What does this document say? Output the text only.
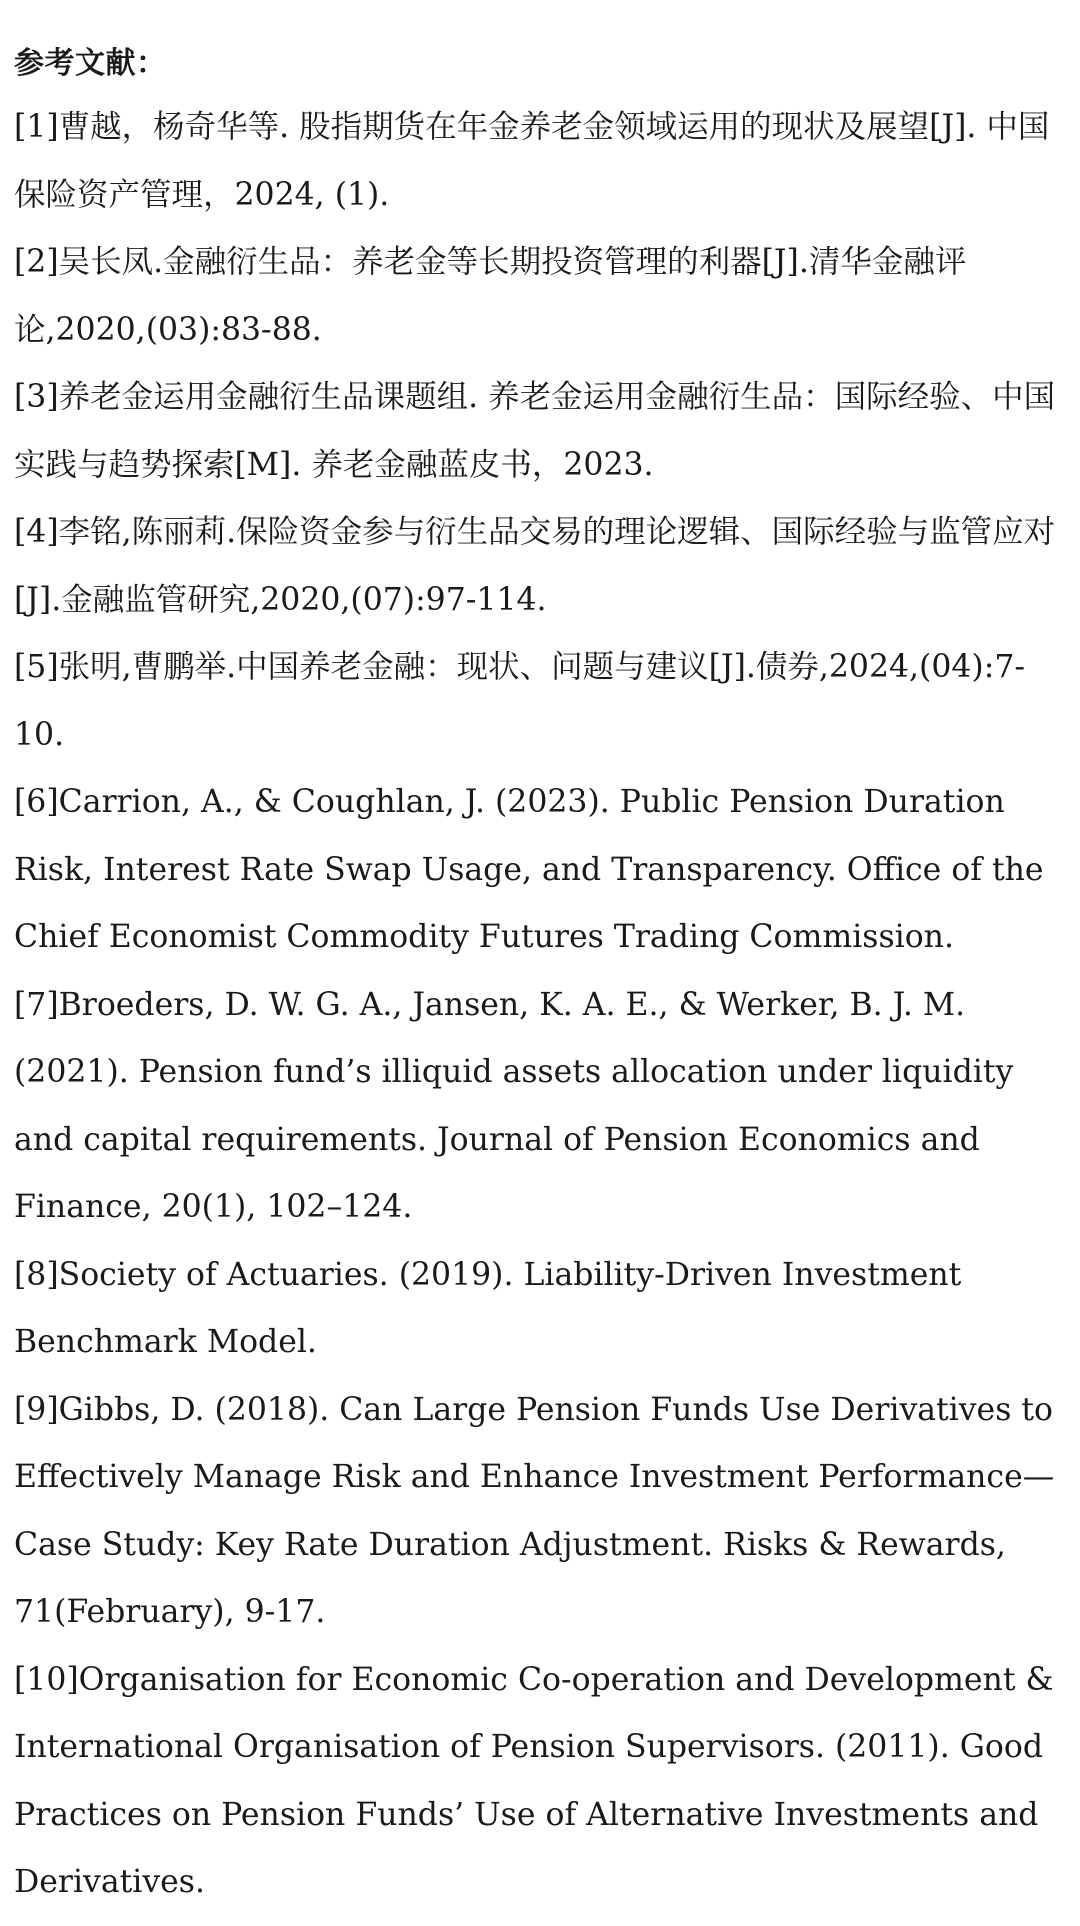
参考文献：
[1]曹越，杨奇华等. 股指期货在年金养老金领域运用的现状及展望[J]. 中国保险资产管理，2024, (1).
[2]吴长凤.金融衍生品：养老金等长期投资管理的利器[J].清华金融评论,2020,(03):83-88.
[3]养老金运用金融衍生品课题组. 养老金运用金融衍生品：国际经验、中国实践与趋势探索[M]. 养老金融蓝皮书，2023.
[4]李铭,陈丽莉.保险资金参与衍生品交易的理论逻辑、国际经验与监管应对[J].金融监管研究,2020,(07):97-114.
[5]张明,曹鹏举.中国养老金融：现状、问题与建议[J].债券,2024,(04):7-10.
[6]Carrion, A., & Coughlan, J. (2023). Public Pension Duration Risk, Interest Rate Swap Usage, and Transparency. Office of the Chief Economist Commodity Futures Trading Commission.
[7]Broeders, D. W. G. A., Jansen, K. A. E., & Werker, B. J. M. (2021). Pension fund’s illiquid assets allocation under liquidity and capital requirements. Journal of Pension Economics and Finance, 20(1), 102–124.
[8]Society of Actuaries. (2019). Liability-Driven Investment Benchmark Model.
[9]Gibbs, D. (2018). Can Large Pension Funds Use Derivatives to Effectively Manage Risk and Enhance Investment Performance—Case Study: Key Rate Duration Adjustment. Risks & Rewards, 71(February), 9-17.
[10]Organisation for Economic Co-operation and Development & International Organisation of Pension Supervisors. (2011). Good Practices on Pension Funds’ Use of Alternative Investments and Derivatives.
